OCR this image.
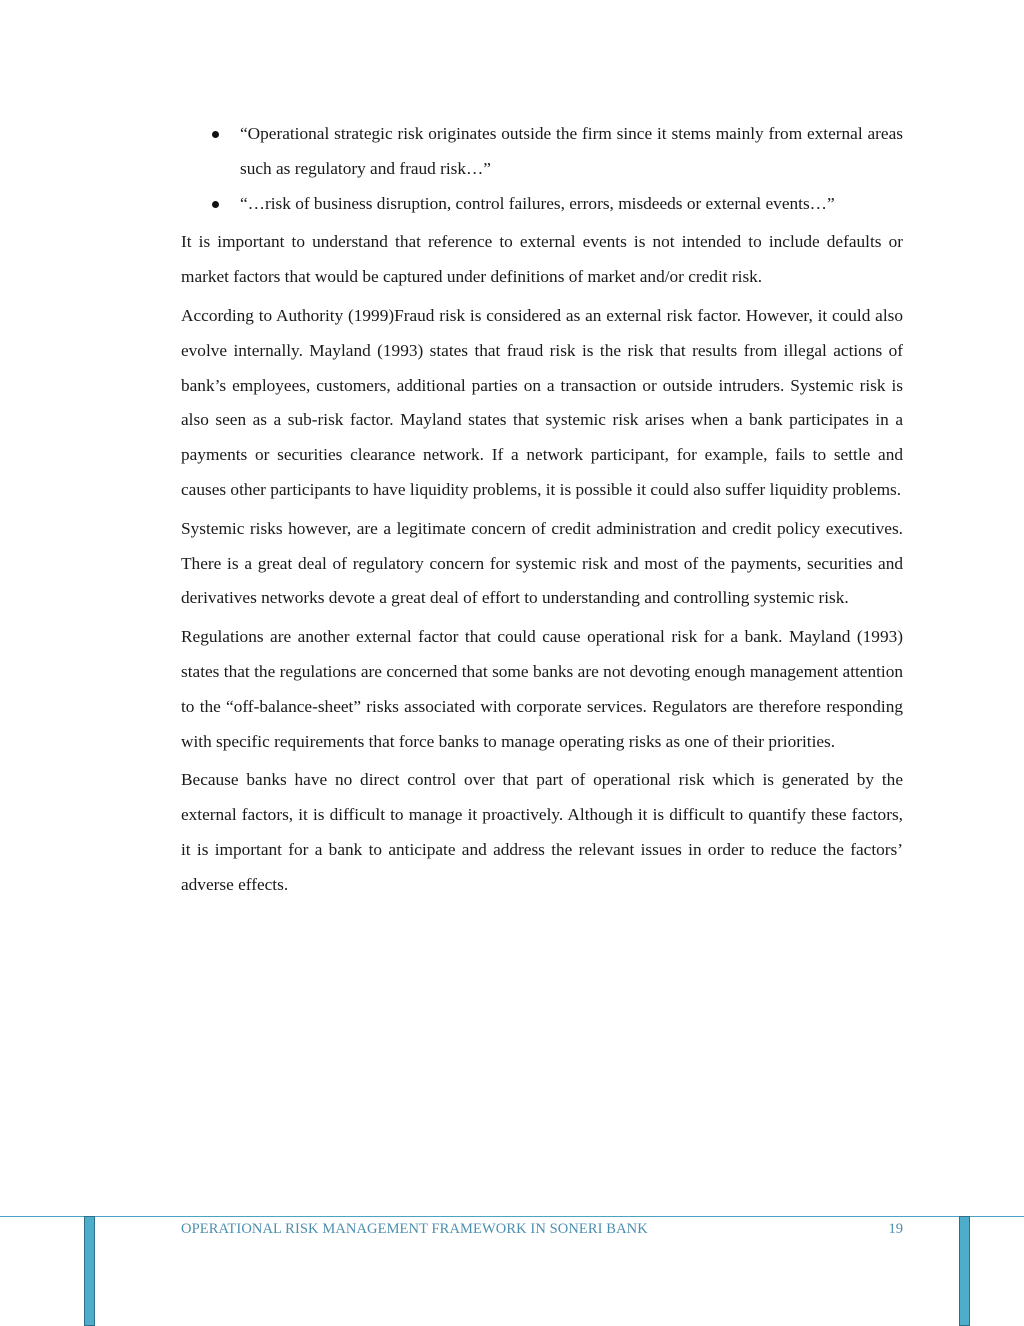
“Operational strategic risk originates outside the firm since it stems mainly from external areas such as regulatory and fraud risk…”
“…risk of business disruption, control failures, errors, misdeeds or external events…”

It is important to understand that reference to external events is not intended to include defaults or market factors that would be captured under definitions of market and/or credit risk.

According to Authority (1999)Fraud risk is considered as an external risk factor. However, it could also evolve internally. Mayland (1993) states that fraud risk is the risk that results from illegal actions of bank’s employees, customers, additional parties on a transaction or outside intruders. Systemic risk is also seen as a sub-risk factor. Mayland states that systemic risk arises when a bank participates in a payments or securities clearance network. If a network participant, for example, fails to settle and causes other participants to have liquidity problems, it is possible it could also suffer liquidity problems.

Systemic risks however, are a legitimate concern of credit administration and credit policy executives. There is a great deal of regulatory concern for systemic risk and most of the payments, securities and derivatives networks devote a great deal of effort to understanding and controlling systemic risk.

Regulations are another external factor that could cause operational risk for a bank. Mayland (1993) states that the regulations are concerned that some banks are not devoting enough management attention to the “off-balance-sheet” risks associated with corporate services. Regulators are therefore responding with specific requirements that force banks to manage operating risks as one of their priorities.

Because banks have no direct control over that part of operational risk which is generated by the external factors, it is difficult to manage it proactively. Although it is difficult to quantify these factors, it is important for a bank to anticipate and address the relevant issues in order to reduce the factors’ adverse effects.

OPERATIONAL RISK MANAGEMENT FRAMEWORK IN SONERI BANK	19
